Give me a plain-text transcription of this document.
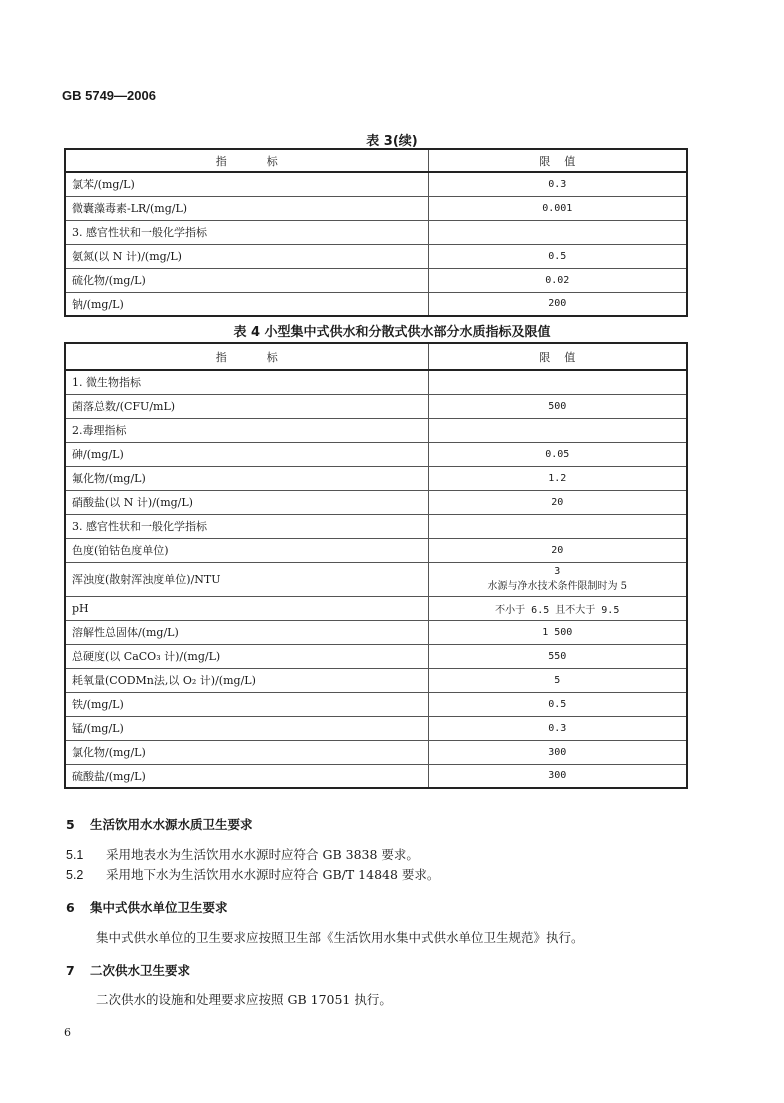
GB 5749—2006
表 3(续)
指标	限值
氯苯/(mg/L)	0.3
微囊藻毒素-LR/(mg/L)	0.001
3. 感官性状和一般化学指标	
氨氮(以 N 计)/(mg/L)	0.5
硫化物/(mg/L)	0.02
钠/(mg/L)	200
表 4 小型集中式供水和分散式供水部分水质指标及限值
指标	限值
1. 微生物指标	
菌落总数/(CFU/mL)	500
2.毒理指标	
砷/(mg/L)	0.05
氟化物/(mg/L)	1.2
硝酸盐(以 N 计)/(mg/L)	20
3. 感官性状和一般化学指标	
色度(铂钴色度单位)	20
浑浊度(散射浑浊度单位)/NTU	3
水源与净水技术条件限制时为 5

pH	不小于 6.5 且不大于 9.5
溶解性总固体/(mg/L)	1 500
总硬度(以 CaCO₃ 计)/(mg/L)	550
耗氧量(CODMn法,以 O₂ 计)/(mg/L)	5
铁/(mg/L)	0.5
锰/(mg/L)	0.3
氯化物/(mg/L)	300
硫酸盐/(mg/L)	300
5 生活饮用水水源水质卫生要求
5.1 采用地表水为生活饮用水水源时应符合 GB 3838 要求。
5.2 采用地下水为生活饮用水水源时应符合 GB/T 14848 要求。
6 集中式供水单位卫生要求
集中式供水单位的卫生要求应按照卫生部《生活饮用水集中式供水单位卫生规范》执行。
7 二次供水卫生要求
二次供水的设施和处理要求应按照 GB 17051 执行。
6
